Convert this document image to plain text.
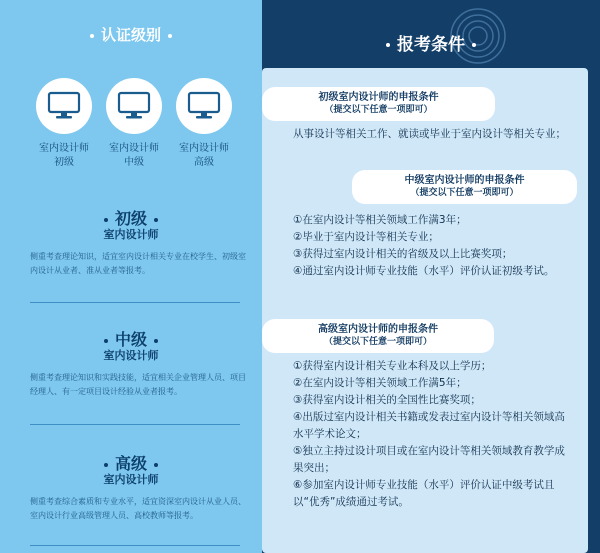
认证级别
室内设计师
初级
室内设计师
中级
室内设计师
高级
初级
室内设计师
侧重考查理论知识，适宜室内设计相关专业在校学生、初级室内设计从业者、准从业者等报考。
中级
室内设计师
侧重考查理论知识和实践技能，适宜相关企业管理人员、项目经理人、有一定项目设计经验从业者报考。
高级
室内设计师
侧重考查综合素质和专业水平，适宜资深室内设计从业人员、室内设计行业高级管理人员、高校教师等报考。
报考条件
初级室内设计师的申报条件
（提交以下任意一项即可）
从事设计等相关工作、就读或毕业于室内设计等相关专业；
中级室内设计师的申报条件
（提交以下任意一项即可）
①在室内设计等相关领域工作满3年；
②毕业于室内设计等相关专业；
③获得过室内设计相关的省级及以上比赛奖项；
④通过室内设计师专业技能（水平）评价认证初级考试。
高级室内设计师的申报条件
（提交以下任意一项即可）
①获得室内设计相关专业本科及以上学历；
②在室内设计等相关领域工作满5年；
③获得室内设计相关的全国性比赛奖项；
④出版过室内设计相关书籍或发表过室内设计等相关领域高水平学术论文；
⑤独立主持过设计项目或在室内设计等相关领域教育教学成果突出；
⑥参加室内设计师专业技能（水平）评价认证中级考试且以“优秀”成绩通过考试。
